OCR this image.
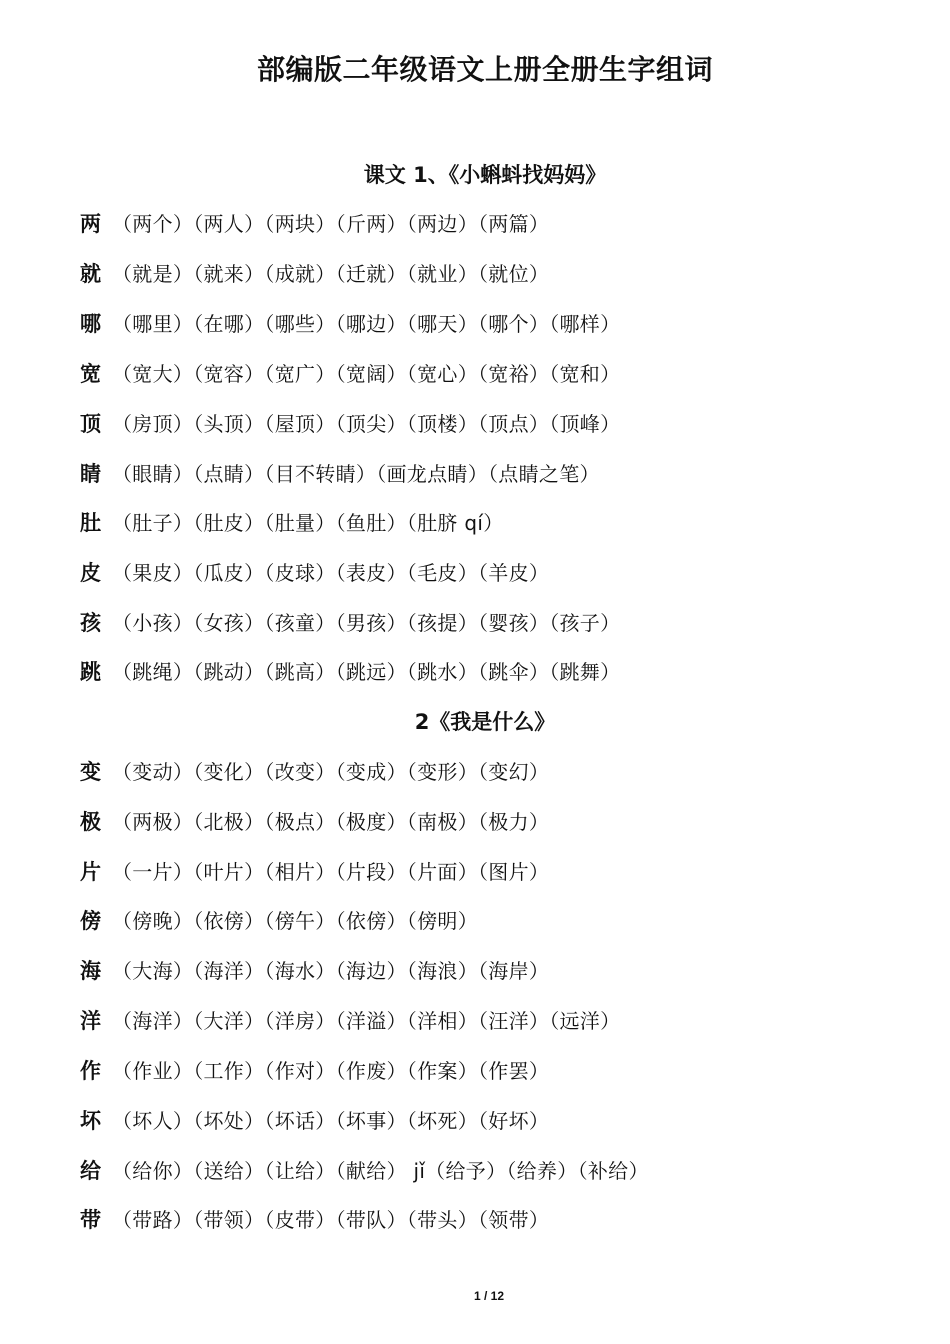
部编版二年级语文上册全册生字组词
课文 1、《小蝌蚪找妈妈》
两 （两个）（两人）（两块）（斤两）（两边）（两篇）
就 （就是）（就来）（成就）（迁就）（就业）（就位）
哪（哪里）（在哪）（哪些）（哪边）（哪天）（哪个）（哪样）
宽 （宽大）（宽容）（宽广）（宽阔）（宽心）（宽裕）（宽和）
顶 （房顶）（头顶）（屋顶）（顶尖）（顶楼）（顶点）（顶峰）
睛（眼睛）（点睛）（目不转睛）（画龙点睛）（点睛之笔）
肚（肚子）（肚皮）（肚量）（鱼肚）（肚脐 qí）
皮 （果皮）（瓜皮）（皮球）（表皮）（毛皮）（羊皮）
孩（小孩）（女孩）（孩童）（男孩）（孩提）（婴孩）（孩子）
跳 （跳绳）（跳动）（跳高）（跳远）（跳水）（跳伞）（跳舞）
2《我是什么》
变 （变动）（变化）（改变）（变成）（变形）（变幻）
极（两极）（北极）（极点）（极度）（南极）（极力）
片（一片）（叶片）（相片）（片段）（片面）（图片）
傍（傍晚）（依傍）（傍午）（依傍）（傍明）
海（大海）（海洋）（海水）（海边）（海浪）（海岸）
洋 （海洋）（大洋）（洋房）（洋溢）（洋相）（汪洋）（远洋）
作（作业）（工作）（作对）（作废）（作案）（作罢）
坏 （坏人）（坏处）（坏话）（坏事）（坏死）（好坏）
给 （给你）（送给）（让给）（献给） jǐ（给予）（给养）（补给）
带 （带路）（带领）（皮带）（带队）（带头）（领带）
1 / 12
